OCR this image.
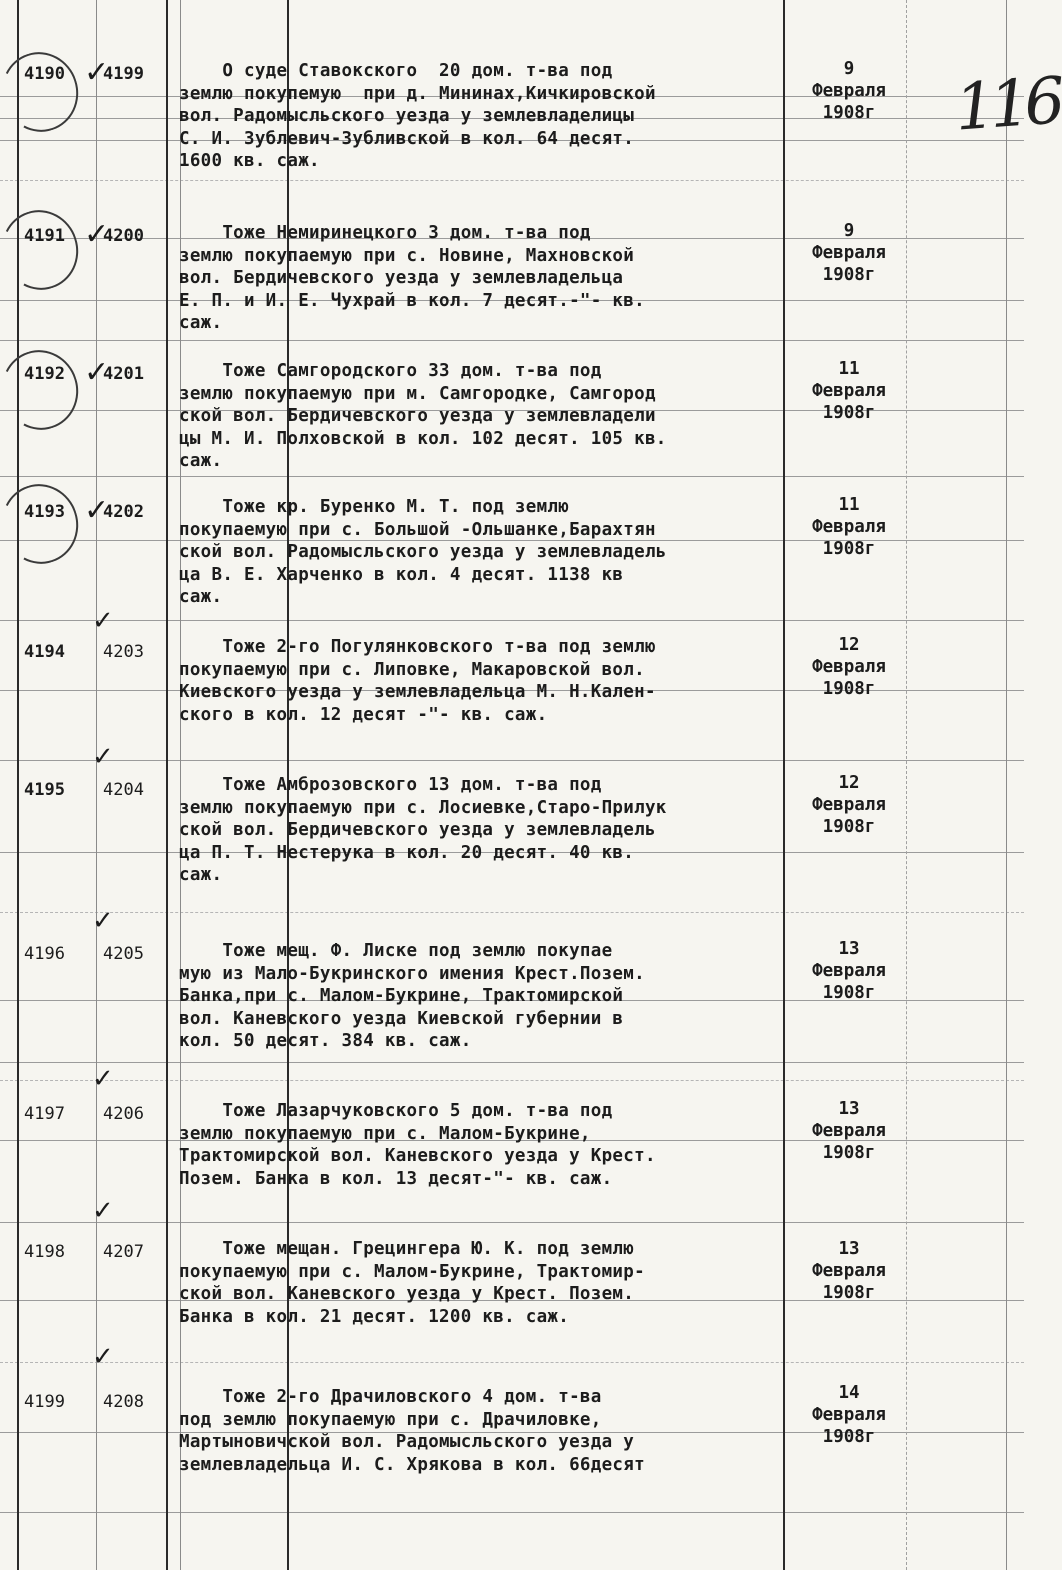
116
4190 ✓
4199 О суде Ставокского  20 дом. т-ва под
землю покупемую  при д. Мининах,Кичкировской
вол. Радомысльского уезда у землевладелицы
С. И. Зублевич-Зубливской в кол. 64 десят.
1600 кв. саж.
9
Февраля
1908г
4191 ✓
4200 Тоже Немиринецкого 3 дом. т-ва под
землю покупаемую при с. Новине, Махновской
вол. Бердичевского уезда у землевладельца
Е. П. и И. Е. Чухрай в кол. 7 десят.-"- кв.
саж.
9
Февраля
1908г
4192 ✓
4201 Тоже Самгородского 33 дом. т-ва под
землю покупаемую при м. Самгородке, Самгород
ской вол. Бердичевского уезда у землевладели
цы М. И. Полховской в кол. 102 десят. 105 кв.
саж.
11
Февраля
1908г
4193 ✓
4202 Тоже кр. Буренко М. Т. под землю
покупаемую при с. Большой -Ольшанке,Барахтян
ской вол. Радомысльского уезда у землевладель
ца В. Е. Харченко в кол. 4 десят. 1138 кв
саж.
11
Февраля
1908г
✓
4194 4203 Тоже 2-го Погулянковского т-ва под землю
покупаемую при с. Липовке, Макаровской вол.
Киевского уезда у землевладельца М. Н.Кален-
ского в кол. 12 десят -"- кв. саж.
12
Февраля
1908г
✓
4195 4204 Тоже Амброзовского 13 дом. т-ва под
землю покупаемую при с. Лосиевке,Старо-Прилук
ской вол. Бердичевского уезда у землевладель
ца П. Т. Нестерука в кол. 20 десят. 40 кв.
саж.
12
Февраля
1908г
✓
4196 4205 Тоже мещ. Ф. Лиске под землю покупае
мую из Мало-Букринского имения Крест.Позем.
Банка,при с. Малом-Букрине, Трактомирской
вол. Каневского уезда Киевской губернии в
кол. 50 десят. 384 кв. саж.
13
Февраля
1908г
✓
4197 4206 Тоже Лазарчуковского 5 дом. т-ва под
землю покупаемую при с. Малом-Букрине,
Трактомирской вол. Каневского уезда у Крест.
Позем. Банка в кол. 13 десят-"- кв. саж.
13
Февраля
1908г
✓
4198 4207 Тоже мещан. Грецингера Ю. К. под землю
покупаемую при с. Малом-Букрине, Трактомир-
ской вол. Каневского уезда у Крест. Позем.
Банка в кол. 21 десят. 1200 кв. саж.
13
Февраля
1908г
✓
4199 4208 Тоже 2-го Драчиловского 4 дом. т-ва
под землю покупаемую при с. Драчиловке,
Мартыновичской вол. Радомысльского уезда у
землевладельца И. С. Хрякова в кол. 66десят
14
Февраля
1908г
